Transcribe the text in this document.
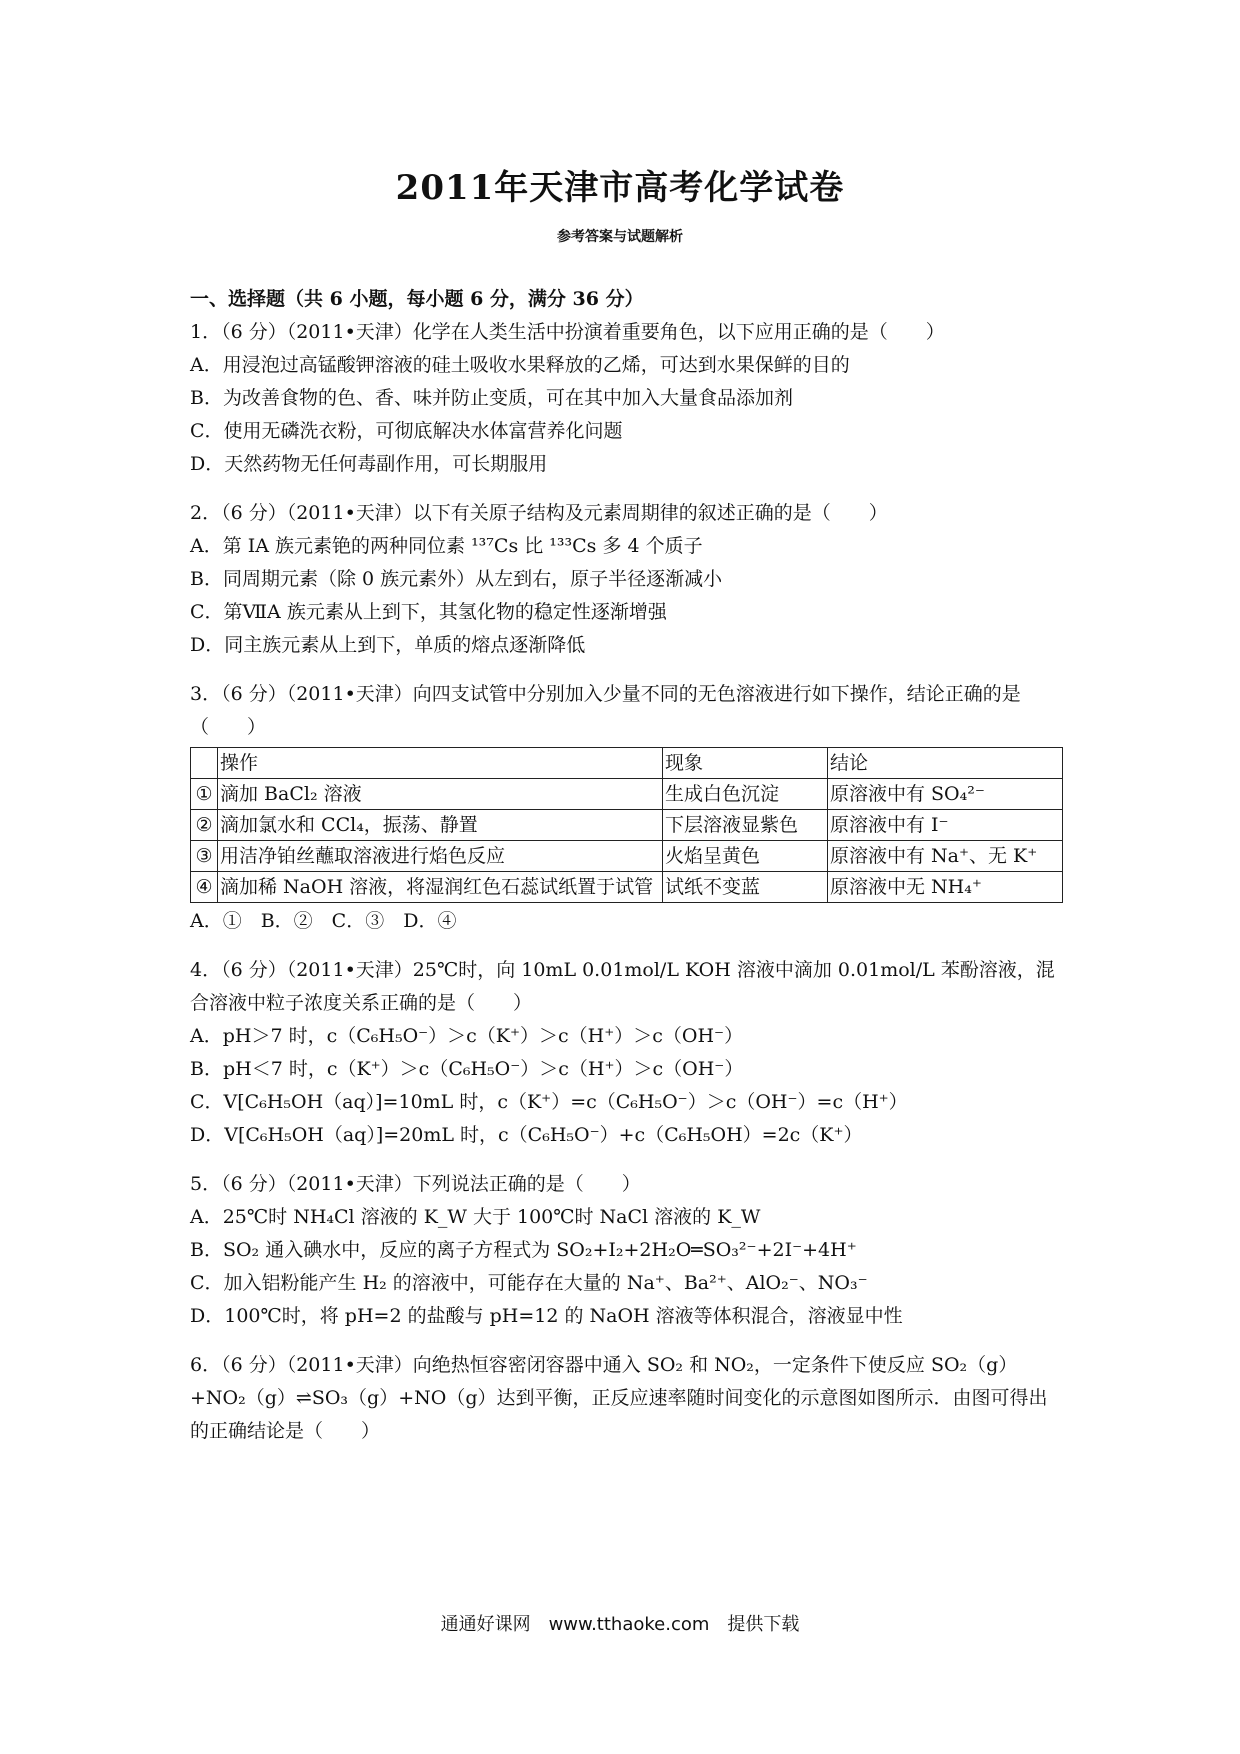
2011年天津市高考化学试卷
参考答案与试题解析
一、选择题（共 6 小题，每小题 6 分，满分 36 分）
1．（6 分）（2011•天津）化学在人类生活中扮演着重要角色，以下应用正确的是（　　）
A．用浸泡过高锰酸钾溶液的硅土吸收水果释放的乙烯，可达到水果保鲜的目的
B．为改善食物的色、香、味并防止变质，可在其中加入大量食品添加剂
C．使用无磷洗衣粉，可彻底解决水体富营养化问题
D．天然药物无任何毒副作用，可长期服用
2．（6 分）（2011•天津）以下有关原子结构及元素周期律的叙述正确的是（　　）
A．第 IA 族元素铯的两种同位素 ¹³⁷Cs 比 ¹³³Cs 多 4 个质子
B．同周期元素（除 0 族元素外）从左到右，原子半径逐渐减小
C．第ⅦA 族元素从上到下，其氢化物的稳定性逐渐增强
D．同主族元素从上到下，单质的熔点逐渐降低
3．（6 分）（2011•天津）向四支试管中分别加入少量不同的无色溶液进行如下操作，结论正确的是（　　）
	操作	现象	结论
①	滴加 BaCl₂ 溶液	生成白色沉淀	原溶液中有 SO₄²⁻
②	滴加氯水和 CCl₄，振荡、静置	下层溶液显紫色	原溶液中有 I⁻
③	用洁净铂丝蘸取溶液进行焰色反应	火焰呈黄色	原溶液中有 Na⁺、无 K⁺
④	滴加稀 NaOH 溶液，将湿润红色石蕊试纸置于试管	试纸不变蓝	原溶液中无 NH₄⁺
A．①　B．②　C．③　D．④
4．（6 分）（2011•天津）25℃时，向 10mL 0.01mol/L KOH 溶液中滴加 0.01mol/L 苯酚溶液，混合溶液中粒子浓度关系正确的是（　　）
A．pH＞7 时，c（C₆H₅O⁻）＞c（K⁺）＞c（H⁺）＞c（OH⁻）
B．pH＜7 时，c（K⁺）＞c（C₆H₅O⁻）＞c（H⁺）＞c（OH⁻）
C．V[C₆H₅OH（aq）]=10mL 时，c（K⁺）=c（C₆H₅O⁻）＞c（OH⁻）=c（H⁺）
D．V[C₆H₅OH（aq）]=20mL 时，c（C₆H₅O⁻）+c（C₆H₅OH）=2c（K⁺）
5．（6 分）（2011•天津）下列说法正确的是（　　）
A．25℃时 NH₄Cl 溶液的 K_W 大于 100℃时 NaCl 溶液的 K_W
B．SO₂ 通入碘水中，反应的离子方程式为 SO₂+I₂+2H₂O═SO₃²⁻+2I⁻+4H⁺
C．加入铝粉能产生 H₂ 的溶液中，可能存在大量的 Na⁺、Ba²⁺、AlO₂⁻、NO₃⁻
D．100℃时，将 pH=2 的盐酸与 pH=12 的 NaOH 溶液等体积混合，溶液显中性
6．（6 分）（2011•天津）向绝热恒容密闭容器中通入 SO₂ 和 NO₂，一定条件下使反应 SO₂（g）+NO₂（g）⇌SO₃（g）+NO（g）达到平衡，正反应速率随时间变化的示意图如图所示．由图可得出的正确结论是（　　）
通通好课网　www.tthaoke.com　提供下载
